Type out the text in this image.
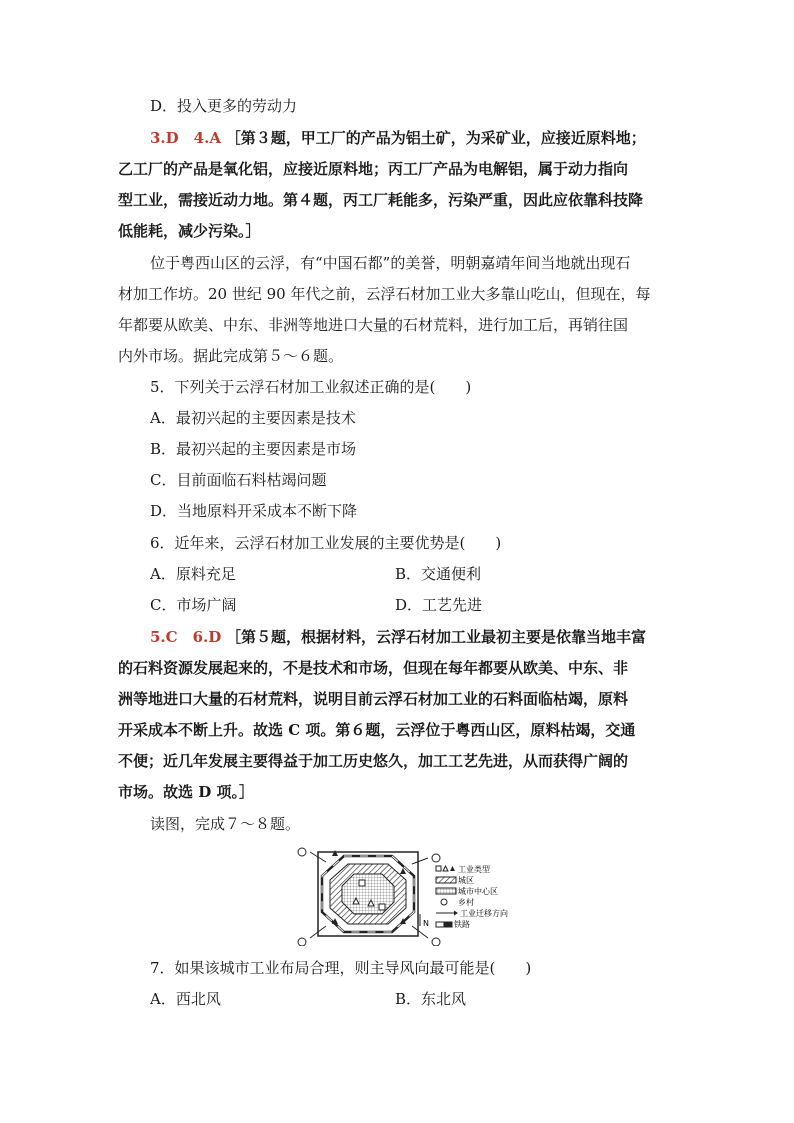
D．投入更多的劳动力
3.D　4.A ［第３题，甲工厂的产品为铝土矿，为采矿业，应接近原料地；
乙工厂的产品是氧化铝，应接近原料地；丙工厂产品为电解铝，属于动力指向
型工业，需接近动力地。第４题，丙工厂耗能多，污染严重，因此应依靠科技降
低能耗，减少污染。］
位于粤西山区的云浮，有“中国石都”的美誉，明朝嘉靖年间当地就出现石
材加工作坊。20 世纪 90 年代之前，云浮石材加工业大多靠山吃山，但现在，每
年都要从欧美、中东、非洲等地进口大量的石材荒料，进行加工后，再销往国
内外市场。据此完成第５～６题。
5．下列关于云浮石材加工业叙述正确的是(　　)
A．最初兴起的主要因素是技术
B．最初兴起的主要因素是市场
C．目前面临石料枯竭问题
D．当地原料开采成本不断下降
6．近年来，云浮石材加工业发展的主要优势是(　　)
A．原料充足	B．交通便利
C．市场广阔	D．工艺先进
5.C　6.D ［第５题，根据材料，云浮石材加工业最初主要是依靠当地丰富
的石料资源发展起来的，不是技术和市场，但现在每年都要从欧美、中东、非
洲等地进口大量的石材荒料，说明目前云浮石材加工业的石料面临枯竭，原料
开采成本不断上升。故选 C 项。第６题，云浮位于粤西山区，原料枯竭，交通
不便；近几年发展主要得益于加工历史悠久，加工工艺先进，从而获得广阔的
市场。故选 D 项。］
读图，完成７～８题。
N
工业类型
城区
城市中心区
乡村
工业迁移方向
铁路
7．如果该城市工业布局合理，则主导风向最可能是(　　)
A．西北风	B．东北风
